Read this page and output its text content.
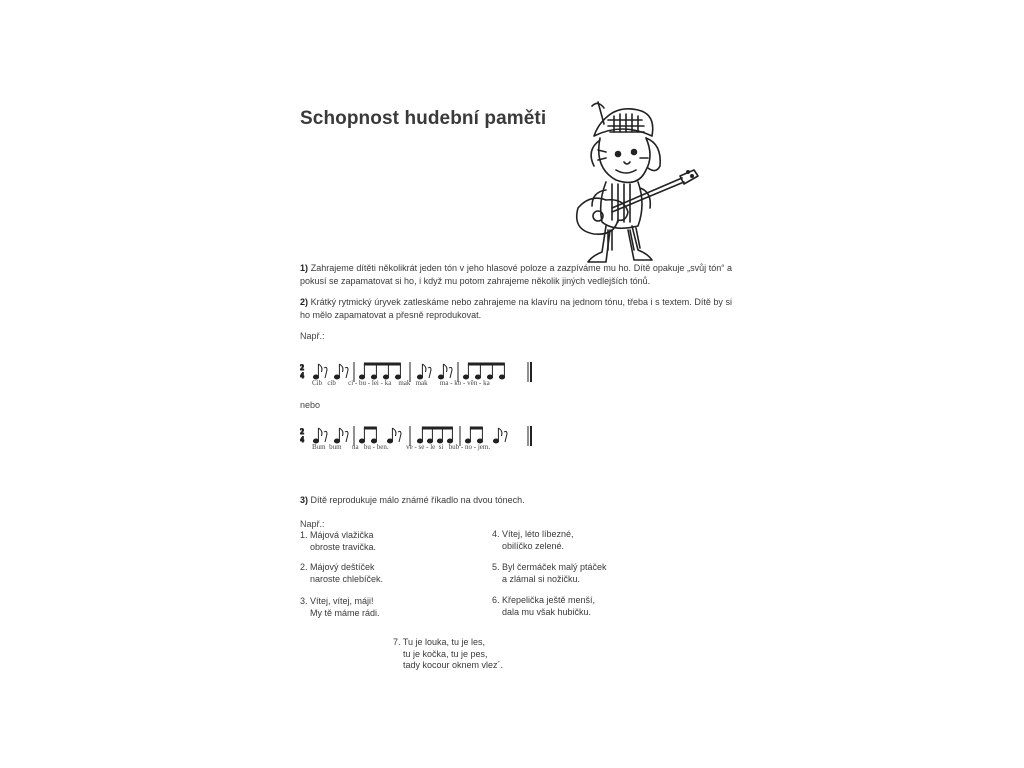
Schopnost hudební paměti
1) Zahrajeme dítěti několikrát jeden tón v jeho hlasové poloze a zazpíváme mu ho. Dítě opakuje „svůj tón“ a pokusí se zapamatovat si ho, i když mu potom zahrajeme několik jiných vedlejších tónů.
2) Krátký rytmický úryvek zatleskáme nebo zahrajeme na klavíru na jednom tónu, třeba i s textem. Dítě by si ho mělo zapamatovat a přesně reprodukovat.
Např.:
2
4
Cib   cib       ci - bu - lei - ka    mak   mak       ma - ko - věn - ka
nebo
2
4
Bum  bum      na   bu - ben.          ve - se - le  si   bub - no - jem.
3) Dítě reprodukuje málo známé říkadlo na dvou tónech.
Např.:
1. Májová vlažička
obroste travička.
2. Májový deštíček
naroste chlebíček.
3. Vítej, vítej, máji!
My tě máme rádi.
4. Vítej, léto líbezné,
obilíčko zelené.
5. Byl čermáček malý ptáček
a zlámal si nožičku.
6. Křepelička ještě menší,
dala mu však hubičku.
7. Tu je louka, tu je les,
tu je kočka, tu je pes,
tady kocour oknem vlez´.
